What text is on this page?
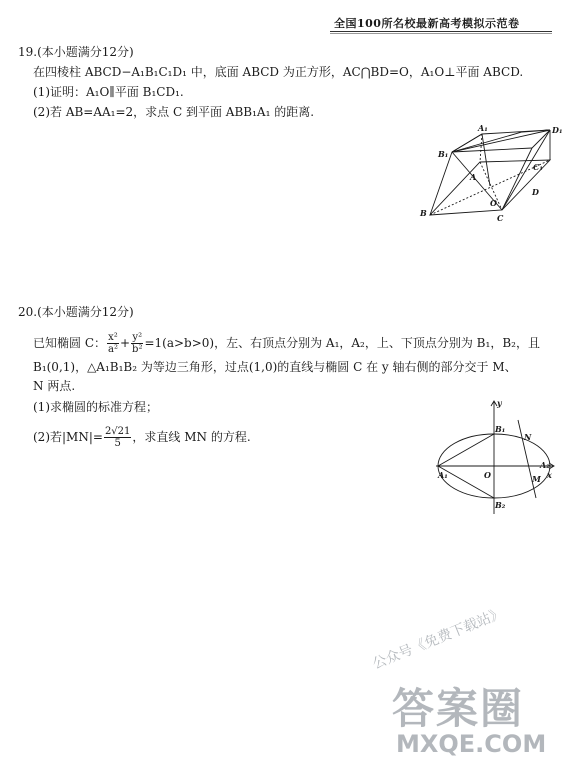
全国100所名校最新高考模拟示范卷
19.(本小题满分12分)
在四棱柱 ABCD−A₁B₁C₁D₁ 中，底面 ABCD 为正方形，AC⋂BD=O，A₁O⊥平面 ABCD.
(1)证明：A₁O∥平面 B₁CD₁.
(2)若 AB=AA₁=2，求点 C 到平面 ABB₁A₁ 的距离.
A₁	D₁
B₁
C₁
A
D
O
B	C
20.(本小题满分12分)
已知椭圆 C： $\frac{\text{x²}}{\text{a²}} + \frac{\text{y²}}{\text{b²}} =1(a>b>0)$，左、右顶点分别为 A₁，A₂，上、下顶点分别为 B₁，B₂，且
B₁(0,1)，△A₁B₁B₂ 为等边三角形，过点(1,0)的直线与椭圆 C 在 y 轴右侧的部分交于 M、
N 两点.
(1)求椭圆的标准方程；
(2)若$|MN|= \frac{2√21}{5}$ ，求直线 MN 的方程.
y
x
B₁
B₂
N
M
A₁
A₂
O
公众号《免费下载站》
答案圈
MXQE.COM
